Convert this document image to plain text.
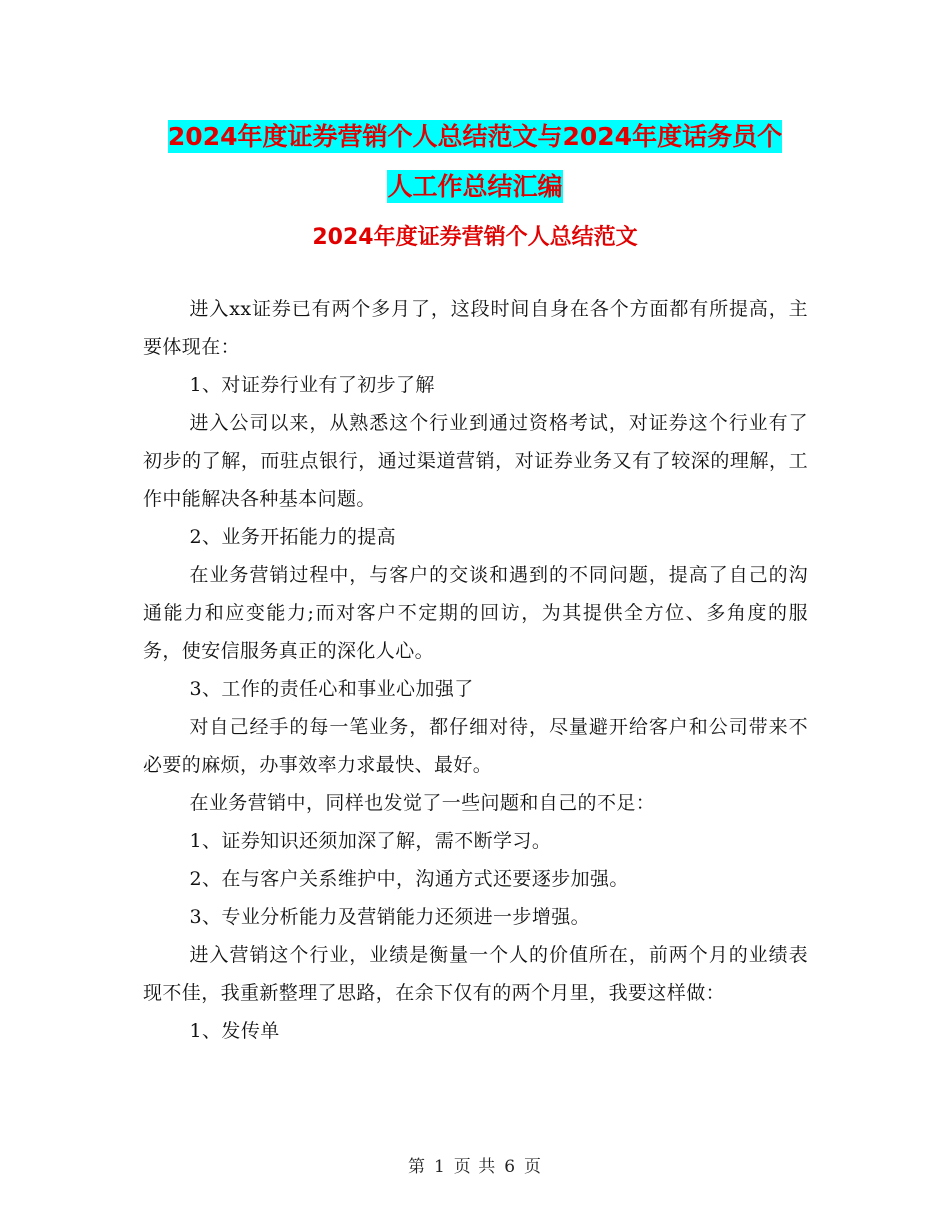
2024年度证券营销个人总结范文与2024年度话务员个
人工作总结汇编
2024年度证券营销个人总结范文

进入xx证券已有两个多月了，这段时间自身在各个方面都有所提高，主要体现在：

1、对证券行业有了初步了解

进入公司以来，从熟悉这个行业到通过资格考试，对证券这个行业有了初步的了解，而驻点银行，通过渠道营销，对证券业务又有了较深的理解，工作中能解决各种基本问题。

2、业务开拓能力的提高

在业务营销过程中，与客户的交谈和遇到的不同问题，提高了自己的沟通能力和应变能力;而对客户不定期的回访，为其提供全方位、多角度的服务，使安信服务真正的深化人心。

3、工作的责任心和事业心加强了

对自己经手的每一笔业务，都仔细对待，尽量避开给客户和公司带来不必要的麻烦，办事效率力求最快、最好。

在业务营销中，同样也发觉了一些问题和自己的不足：

1、证券知识还须加深了解，需不断学习。

2、在与客户关系维护中，沟通方式还要逐步加强。

3、专业分析能力及营销能力还须进一步增强。

进入营销这个行业，业绩是衡量一个人的价值所在，前两个月的业绩表现不佳，我重新整理了思路，在余下仅有的两个月里，我要这样做：

1、发传单

第 1 页 共 6 页
